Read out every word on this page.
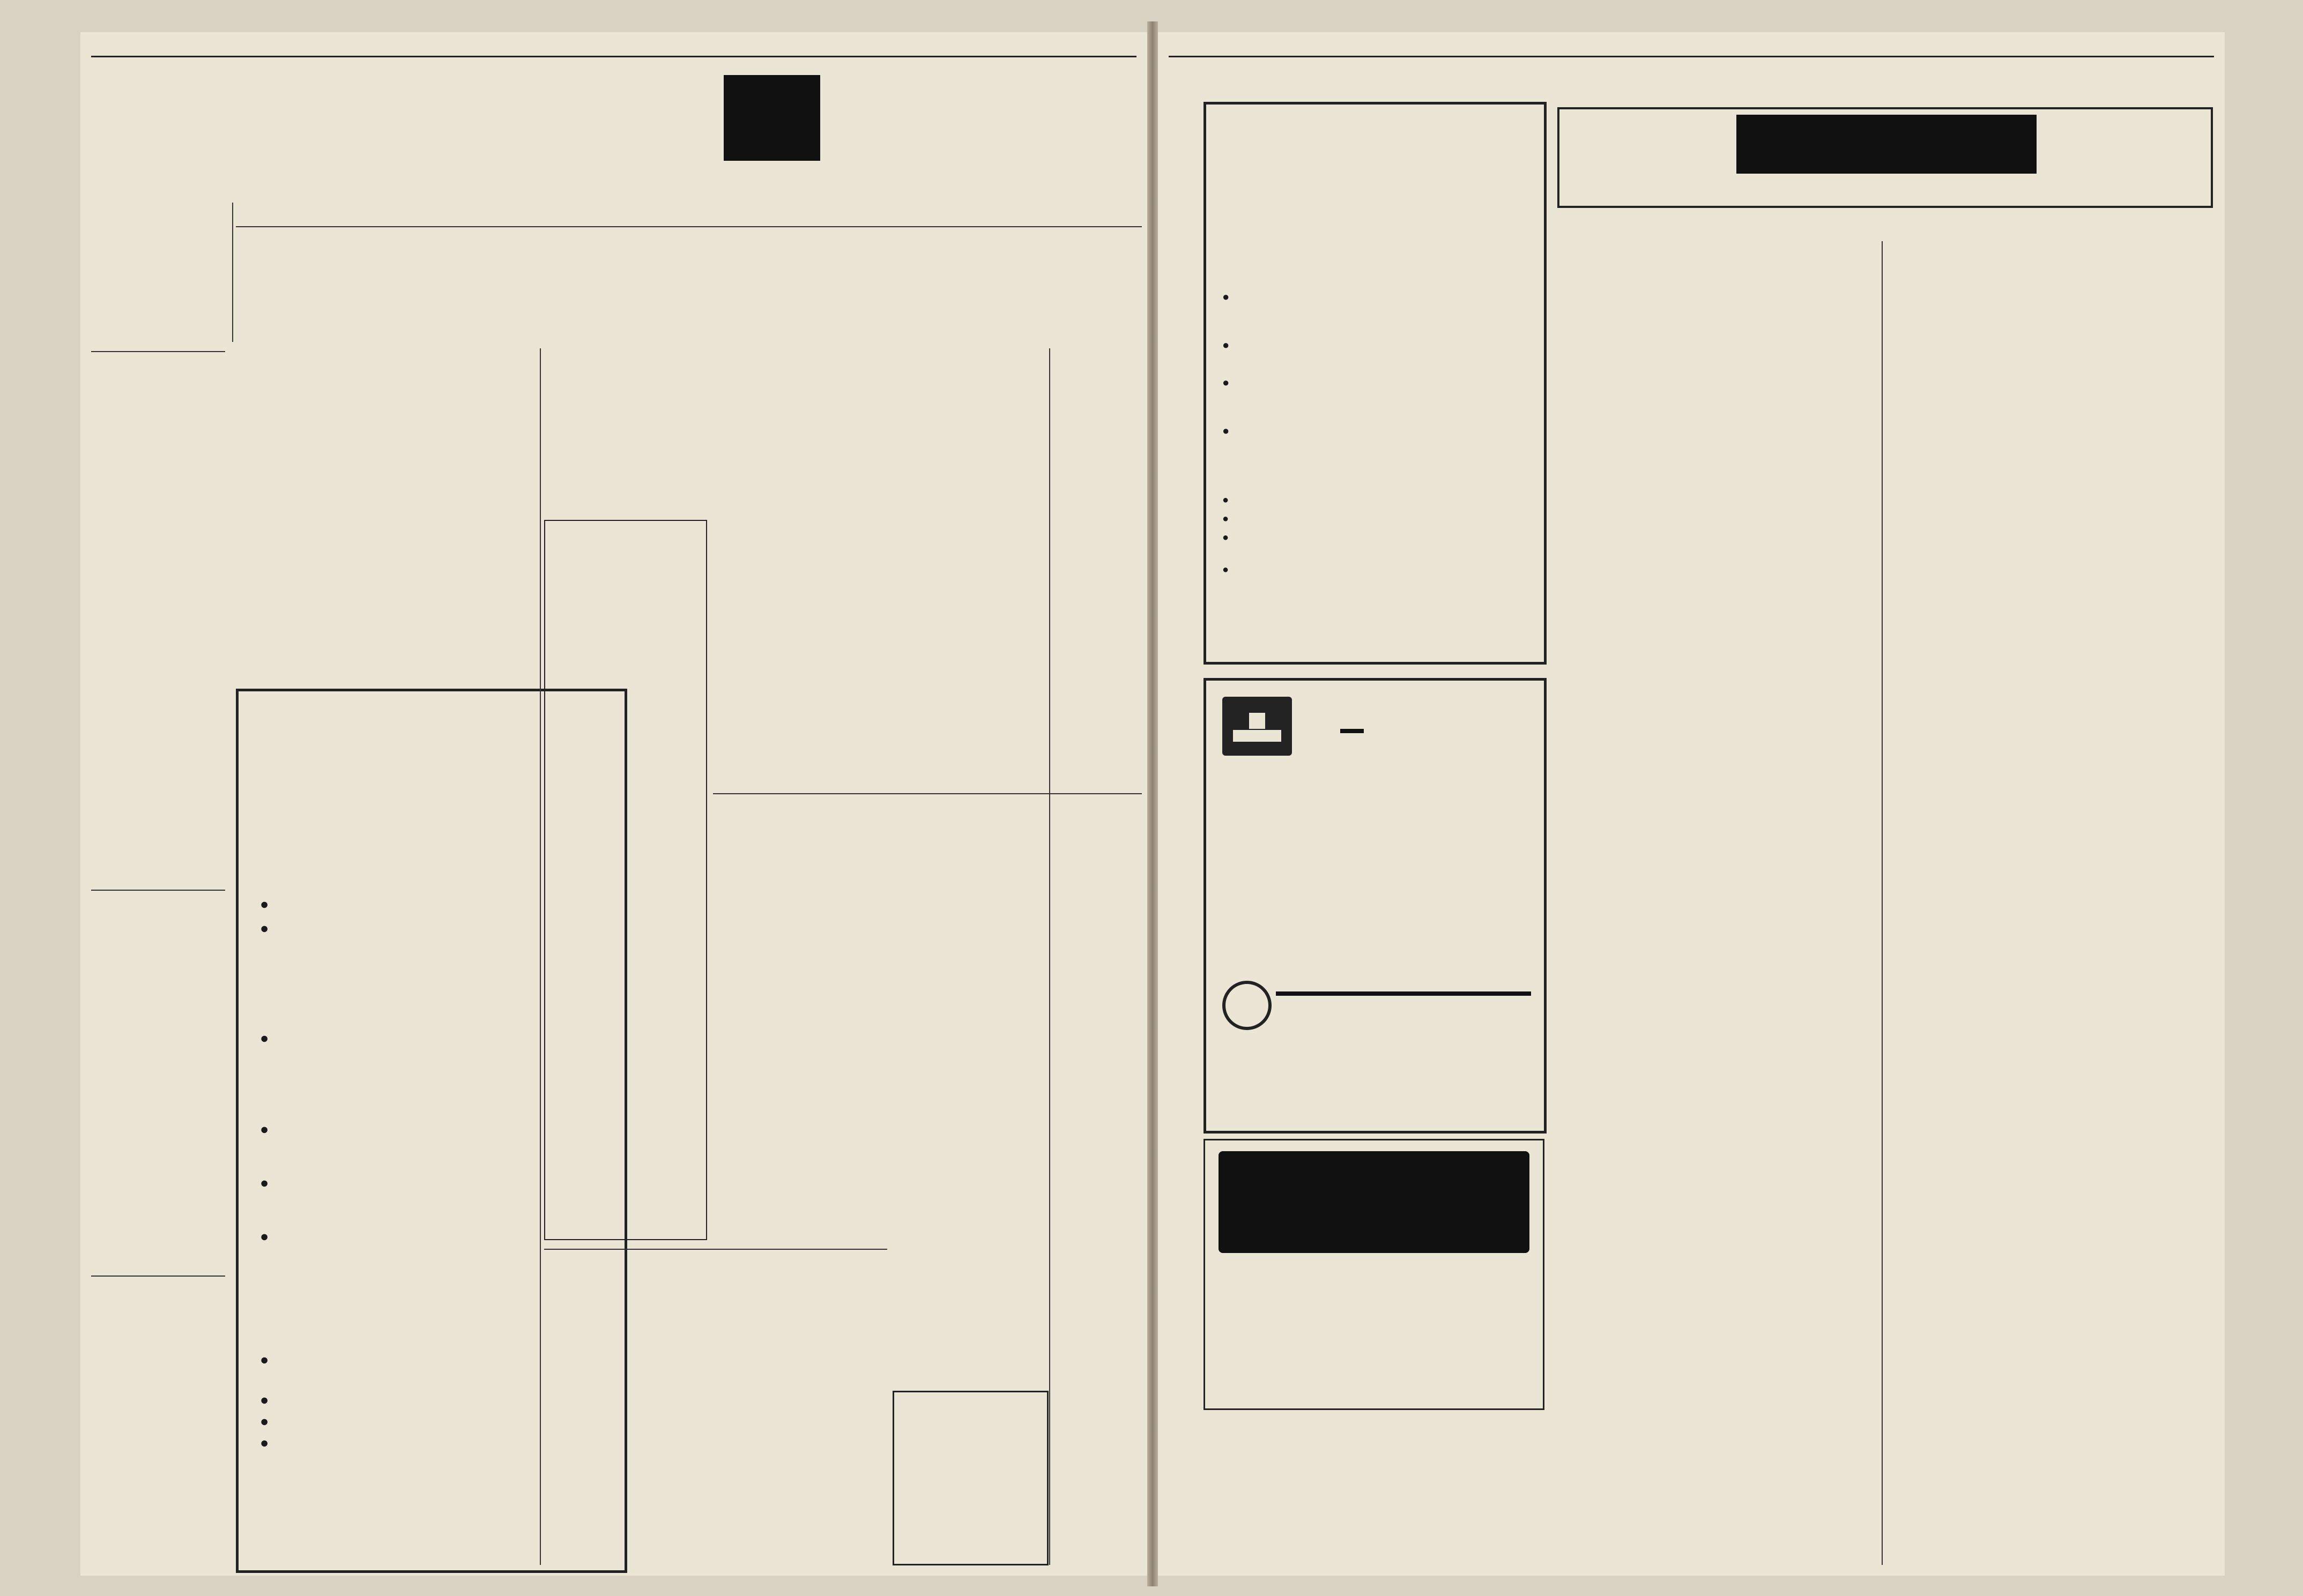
●
●
●
●
●
●
●
●
●
●

●
●
●
●
●
●
●
●
